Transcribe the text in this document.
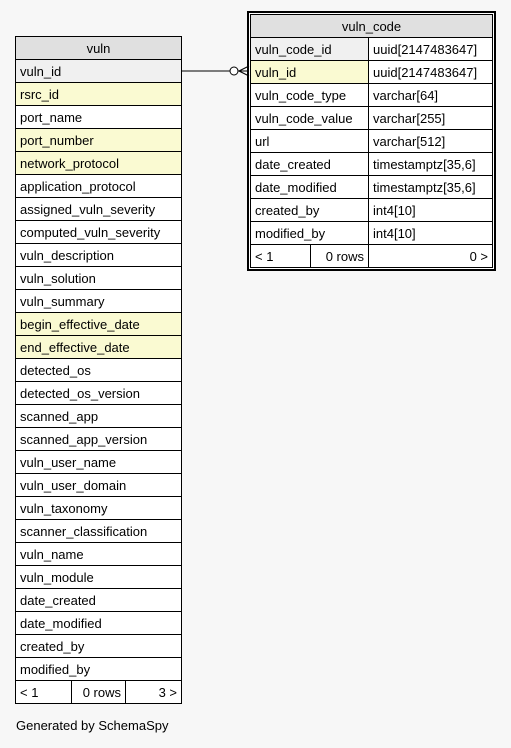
vuln
vuln_id
rsrc_id
port_name
port_number
network_protocol
application_protocol
assigned_vuln_severity
computed_vuln_severity
vuln_description
vuln_solution
vuln_summary
begin_effective_date
end_effective_date
detected_os
detected_os_version
scanned_app
scanned_app_version
vuln_user_name
vuln_user_domain
vuln_taxonomy
scanner_classification
vuln_name
vuln_module
date_created
date_modified
created_by
modified_by
< 1	0 rows	3 >
vuln_code		
vuln_code_id		uuid[2147483647]
vuln_id		uuid[2147483647]
vuln_code_type		varchar[64]
vuln_code_value		varchar[255]
url		varchar[512]
date_created		timestamptz[35,6]
date_modified		timestamptz[35,6]
created_by		int4[10]
modified_by		int4[10]
< 1	0 rows	0 >
Generated by SchemaSpy
